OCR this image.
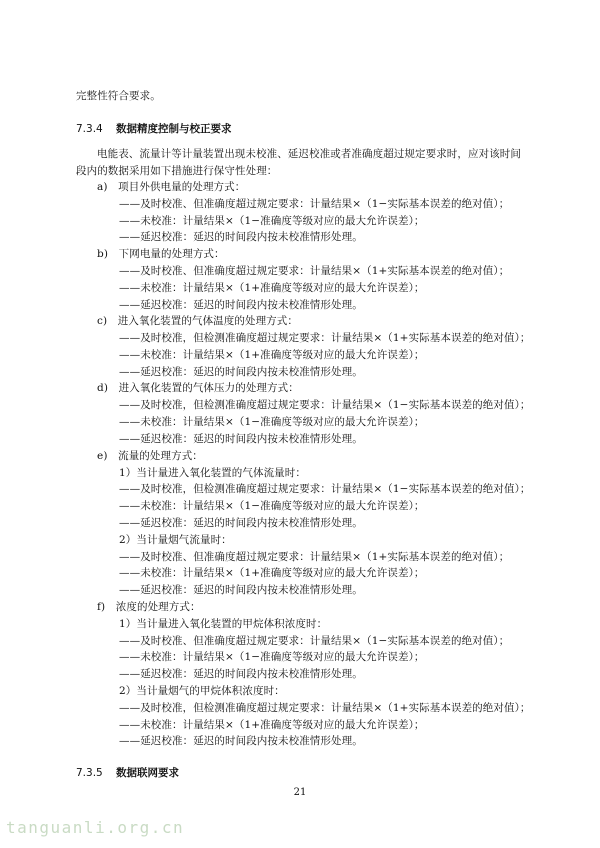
完整性符合要求。
7.3.4 数据精度控制与校正要求
电能表、流量计等计量装置出现未校准、延迟校准或者准确度超过规定要求时，应对该时间
段内的数据采用如下措施进行保守性处理：
a)　项目外供电量的处理方式：
——及时校准、但准确度超过规定要求：计量结果×（1−实际基本误差的绝对值）；
——未校准：计量结果×（1−准确度等级对应的最大允许误差）；
——延迟校准：延迟的时间段内按未校准情形处理。
b)　下网电量的处理方式：
——及时校准、但准确度超过规定要求：计量结果×（1+实际基本误差的绝对值）；
——未校准：计量结果×（1+准确度等级对应的最大允许误差）；
——延迟校准：延迟的时间段内按未校准情形处理。
c)　进入氧化装置的气体温度的处理方式：
——及时校准，但检测准确度超过规定要求：计量结果×（1+实际基本误差的绝对值）；
——未校准：计量结果×（1+准确度等级对应的最大允许误差）；
——延迟校准：延迟的时间段内按未校准情形处理。
d)　进入氧化装置的气体压力的处理方式：
——及时校准，但检测准确度超过规定要求：计量结果×（1−实际基本误差的绝对值）；
——未校准：计量结果×（1−准确度等级对应的最大允许误差）；
——延迟校准：延迟的时间段内按未校准情形处理。
e)　流量的处理方式：
1）当计量进入氧化装置的气体流量时：
——及时校准，但检测准确度超过规定要求：计量结果×（1−实际基本误差的绝对值）；
——未校准：计量结果×（1−准确度等级对应的最大允许误差）；
——延迟校准：延迟的时间段内按未校准情形处理。
2）当计量烟气流量时：
——及时校准、但准确度超过规定要求：计量结果×（1+实际基本误差的绝对值）；
——未校准：计量结果×（1+准确度等级对应的最大允许误差）；
——延迟校准：延迟的时间段内按未校准情形处理。
f)　浓度的处理方式：
1）当计量进入氧化装置的甲烷体积浓度时：
——及时校准、但准确度超过规定要求：计量结果×（1−实际基本误差的绝对值）；
——未校准：计量结果×（1−准确度等级对应的最大允许误差）；
——延迟校准：延迟的时间段内按未校准情形处理。
2）当计量烟气的甲烷体积浓度时：
——及时校准，但检测准确度超过规定要求：计量结果×（1+实际基本误差的绝对值）；
——未校准：计量结果×（1+准确度等级对应的最大允许误差）；
——延迟校准：延迟的时间段内按未校准情形处理。
7.3.5 数据联网要求
21
tanguanli.org.cn
